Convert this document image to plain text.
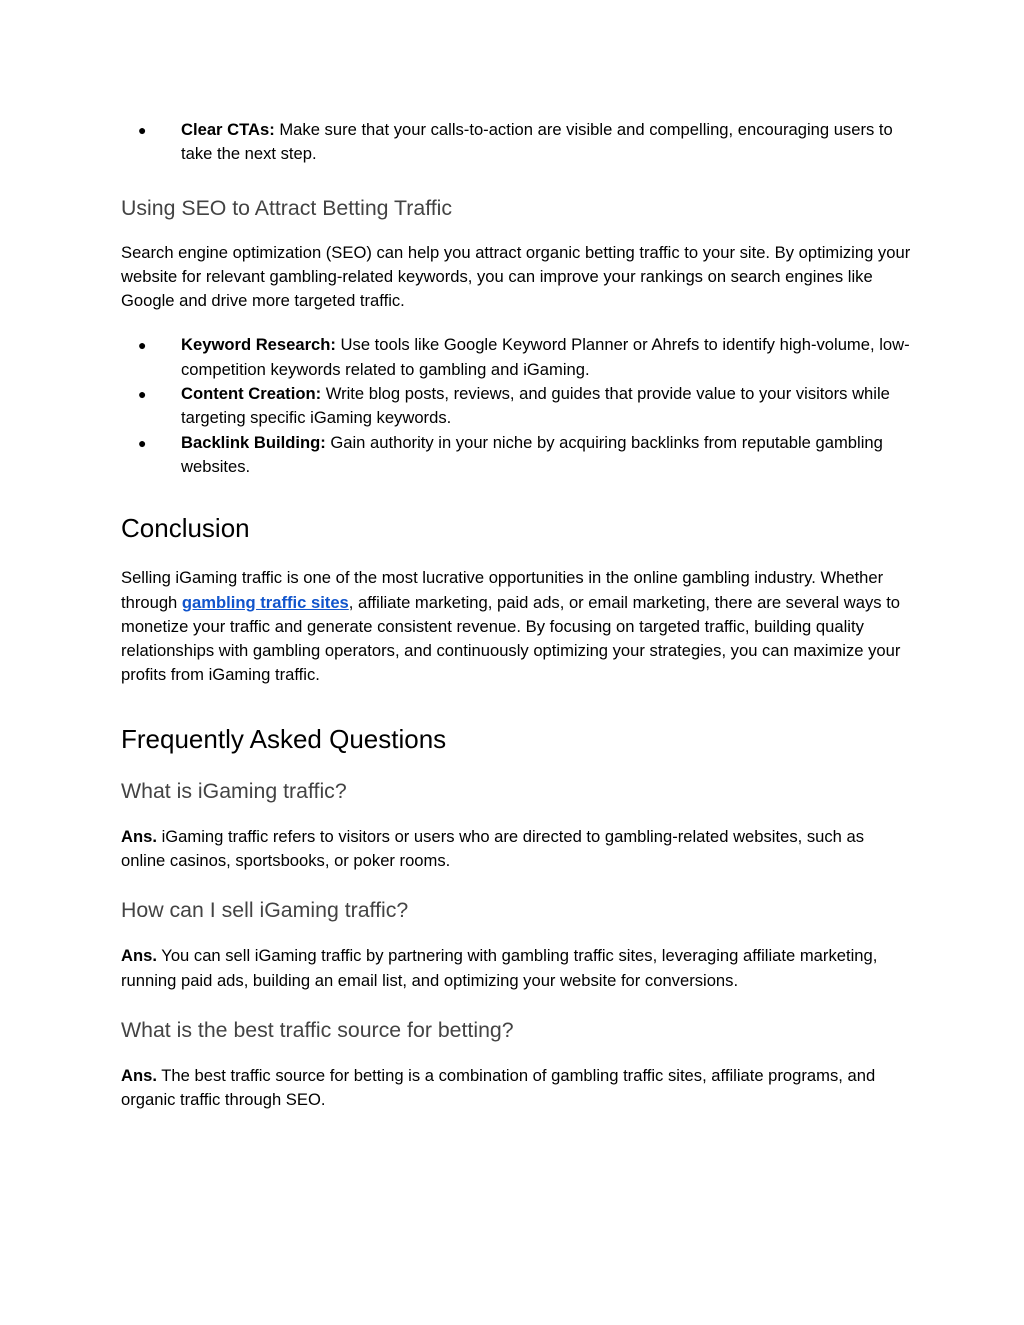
● Clear CTAs: Make sure that your calls-to-action are visible and compelling, encouraging users to take the next step.
Using SEO to Attract Betting Traffic

Search engine optimization (SEO) can help you attract organic betting traffic to your site. By optimizing your website for relevant gambling-related keywords, you can improve your rankings on search engines like Google and drive more targeted traffic.

● Keyword Research: Use tools like Google Keyword Planner or Ahrefs to identify high-volume, low-competition keywords related to gambling and iGaming.
● Content Creation: Write blog posts, reviews, and guides that provide value to your visitors while targeting specific iGaming keywords.
● Backlink Building: Gain authority in your niche by acquiring backlinks from reputable gambling websites.
Conclusion

Selling iGaming traffic is one of the most lucrative opportunities in the online gambling industry. Whether through gambling traffic sites, affiliate marketing, paid ads, or email marketing, there are several ways to monetize your traffic and generate consistent revenue. By focusing on targeted traffic, building quality relationships with gambling operators, and continuously optimizing your strategies, you can maximize your profits from iGaming traffic.

Frequently Asked Questions
What is iGaming traffic?

Ans. iGaming traffic refers to visitors or users who are directed to gambling-related websites, such as online casinos, sportsbooks, or poker rooms.

How can I sell iGaming traffic?

Ans. You can sell iGaming traffic by partnering with gambling traffic sites, leveraging affiliate marketing, running paid ads, building an email list, and optimizing your website for conversions.

What is the best traffic source for betting?

Ans. The best traffic source for betting is a combination of gambling traffic sites, affiliate programs, and organic traffic through SEO.
